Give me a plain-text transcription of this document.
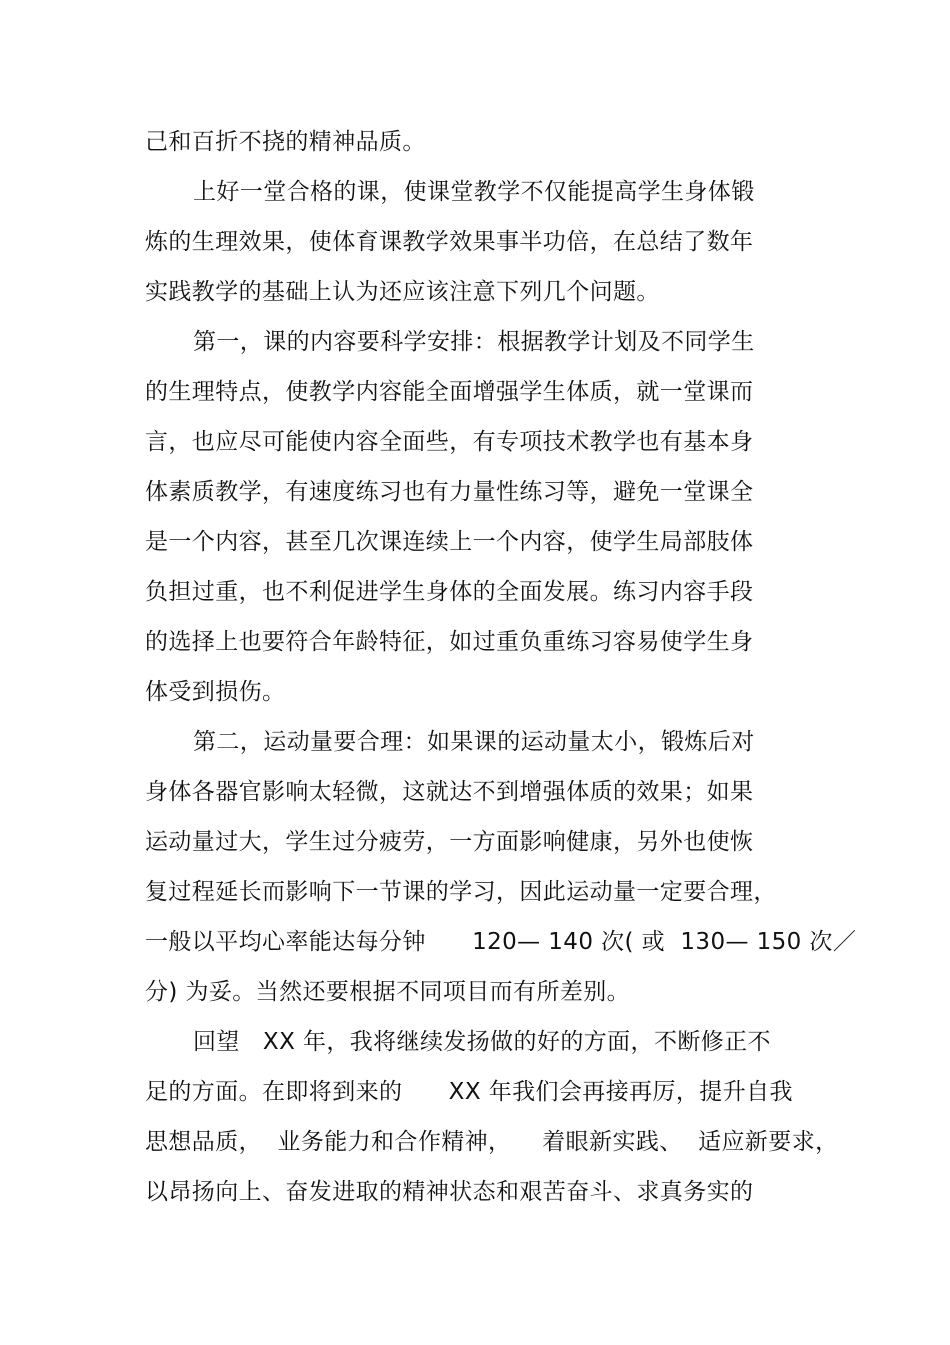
己和百折不挠的精神品质。
上好一堂合格的课，使课堂教学不仅能提高学生身体锻
炼的生理效果，使体育课教学效果事半功倍，在总结了数年
实践教学的基础上认为还应该注意下列几个问题。
第一，课的内容要科学安排：根据教学计划及不同学生
的生理特点，使教学内容能全面增强学生体质，就一堂课而
言，也应尽可能使内容全面些，有专项技术教学也有基本身
体素质教学，有速度练习也有力量性练习等，避免一堂课全
是一个内容，甚至几次课连续上一个内容，使学生局部肢体
负担过重，也不利促进学生身体的全面发展。练习内容手段
的选择上也要符合年龄特征，如过重负重练习容易使学生身
体受到损伤。
第二，运动量要合理：如果课的运动量太小，锻炼后对
身体各器官影响太轻微，这就达不到增强体质的效果；如果
运动量过大，学生过分疲劳，一方面影响健康，另外也使恢
复过程延长而影响下一节课的学习，因此运动量一定要合理，
一般以平均心率能达每分钟      120— 140 次( 或  130— 150 次／
分) 为妥。当然还要根据不同项目而有所差别。
回望   XX 年，我将继续发扬做的好的方面，不断修正不
足的方面。在即将到来的      XX 年我们会再接再厉，提升自我
思想品质，  业务能力和合作精神，    着眼新实践、  适应新要求，
以昂扬向上、奋发进取的精神状态和艰苦奋斗、求真务实的
